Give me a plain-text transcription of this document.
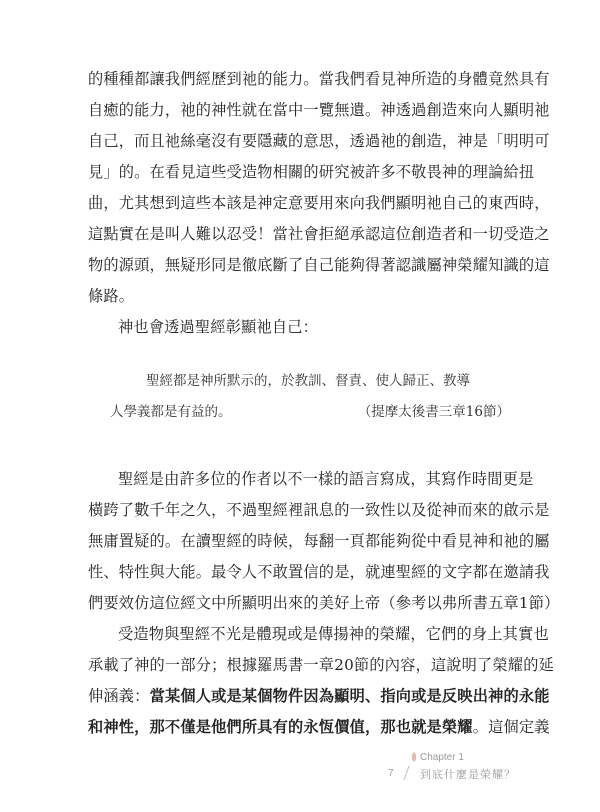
的種種都讓我們經歷到祂的能力。當我們看見神所造的身體竟然具有
自癒的能力，祂的神性就在當中一覽無遺。神透過創造來向人顯明祂
自己，而且祂絲毫沒有要隱藏的意思，透過祂的創造，神是「明明可
見」的。在看見這些受造物相關的研究被許多不敬畏神的理論給扭
曲，尤其想到這些本該是神定意要用來向我們顯明祂自己的東西時，
這點實在是叫人難以忍受！當社會拒絕承認這位創造者和一切受造之
物的源頭，無疑形同是徹底斷了自己能夠得著認識屬神榮耀知識的這
條路。
神也會透過聖經彰顯祂自己：
聖經都是神所默示的，於教訓、督責、使人歸正、教導
人學義都是有益的。	（提摩太後書三章16節）
聖經是由許多位的作者以不一樣的語言寫成，其寫作時間更是
橫跨了數千年之久，不過聖經裡訊息的一致性以及從神而來的啟示是
無庸置疑的。在讀聖經的時候，每翻一頁都能夠從中看見神和祂的屬
性、特性與大能。最令人不敢置信的是，就連聖經的文字都在邀請我
們要效仿這位經文中所顯明出來的美好上帝（參考以弗所書五章1節）
受造物與聖經不光是體現或是傳揚神的榮耀，它們的身上其實也
承載了神的一部分；根據羅馬書一章20節的內容，這說明了榮耀的延
伸涵義：當某個人或是某個物件因為顯明、指向或是反映出神的永能
和神性，那不僅是他們所具有的永恆價值，那也就是榮耀。這個定義
Chapter 1
7 到底什麼是榮耀？
